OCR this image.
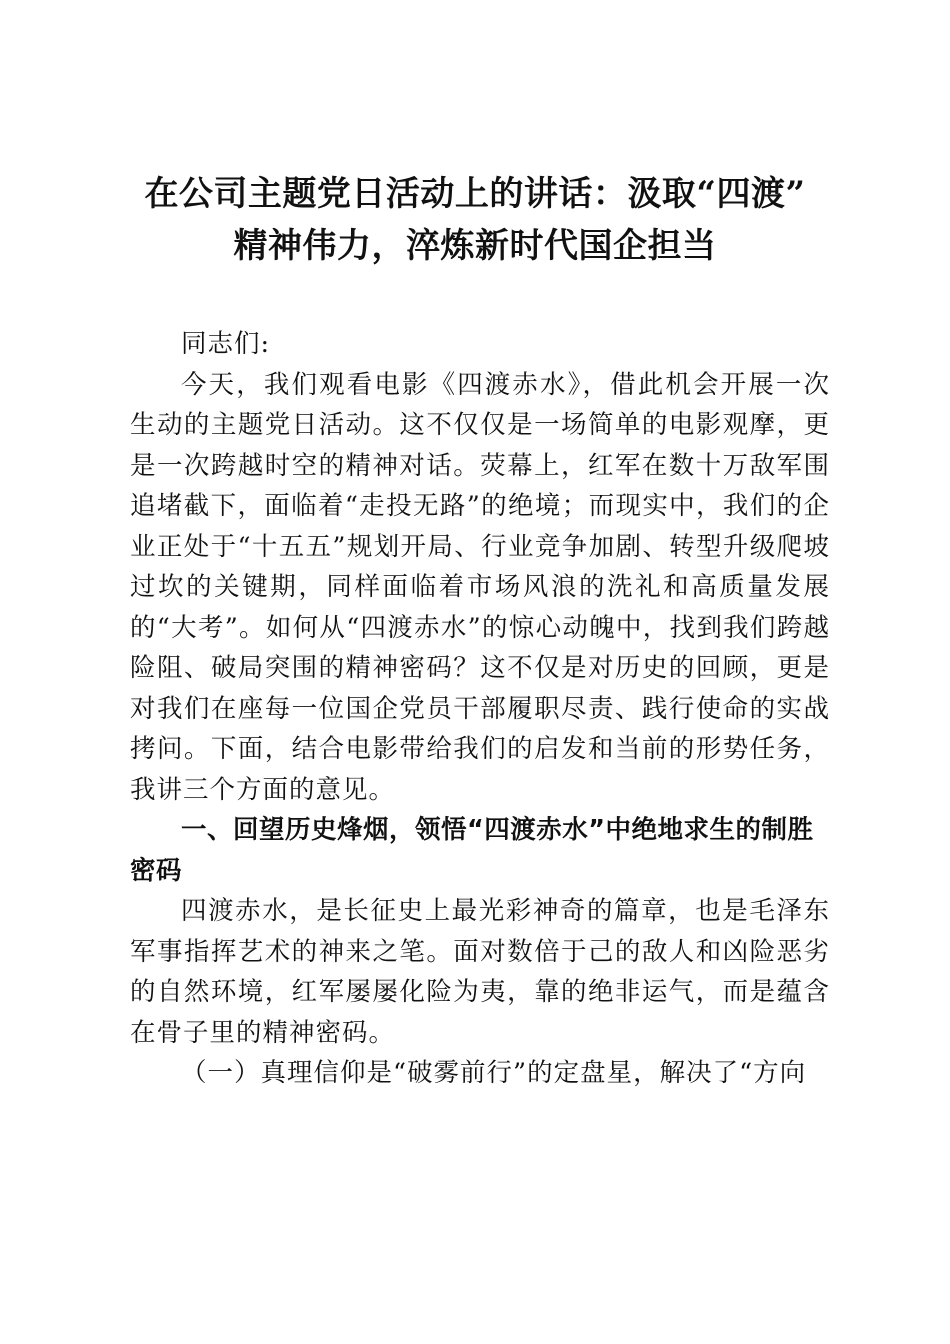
在公司主题党日活动上的讲话：汲取“四渡”
精神伟力，淬炼新时代国企担当

同志们:

今天，我们观看电影《四渡赤水》，借此机会开展一次生动的主题党日活动。这不仅仅是一场简单的电影观摩，更是一次跨越时空的精神对话。荧幕上，红军在数十万敌军围追堵截下，面临着“走投无路”的绝境；而现实中，我们的企业正处于“十五五”规划开局、行业竞争加剧、转型升级爬坡过坎的关键期，同样面临着市场风浪的洗礼和高质量发展的“大考”。如何从“四渡赤水”的惊心动魄中，找到我们跨越险阻、破局突围的精神密码？这不仅是对历史的回顾，更是对我们在座每一位国企党员干部履职尽责、践行使命的实战拷问。下面，结合电影带给我们的启发和当前的形势任务，我讲三个方面的意见。

一、回望历史烽烟，领悟“四渡赤水”中绝地求生的制胜密码

四渡赤水，是长征史上最光彩神奇的篇章，也是毛泽东军事指挥艺术的神来之笔。面对数倍于己的敌人和凶险恶劣的自然环境，红军屡屡化险为夷，靠的绝非运气，而是蕴含在骨子里的精神密码。

（一）真理信仰是“破雾前行”的定盘星，解决了“方向
